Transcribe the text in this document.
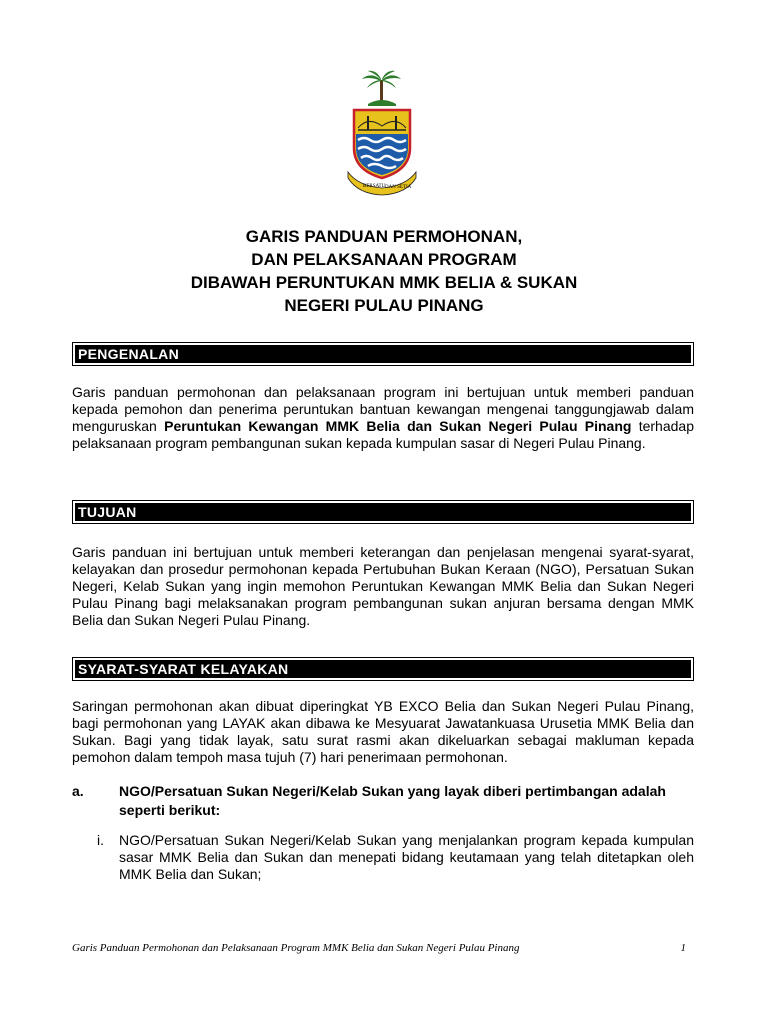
BERSATU DAN SETIA
GARIS PANDUAN PERMOHONAN,
DAN PELAKSANAAN PROGRAM
DIBAWAH PERUNTUKAN MMK BELIA & SUKAN
NEGERI PULAU PINANG
PENGENALAN

Garis panduan permohonan dan pelaksanaan program ini bertujuan untuk memberi panduan kepada pemohon dan penerima peruntukan bantuan kewangan mengenai tanggungjawab dalam menguruskan Peruntukan Kewangan MMK Belia dan Sukan Negeri Pulau Pinang terhadap pelaksanaan program pembangunan sukan kepada kumpulan sasar di Negeri Pulau Pinang.

TUJUAN

Garis panduan ini bertujuan untuk memberi keterangan dan penjelasan mengenai syarat-syarat, kelayakan dan prosedur permohonan kepada Pertubuhan Bukan Keraan (NGO), Persatuan Sukan Negeri, Kelab Sukan yang ingin memohon Peruntukan Kewangan MMK Belia dan Sukan Negeri Pulau Pinang bagi melaksanakan program pembangunan sukan anjuran bersama dengan MMK Belia dan Sukan Negeri Pulau Pinang.

SYARAT-SYARAT KELAYAKAN

Saringan permohonan akan dibuat diperingkat YB EXCO Belia dan Sukan Negeri Pulau Pinang, bagi permohonan yang LAYAK akan dibawa ke Mesyuarat Jawatankuasa Urusetia MMK Belia dan Sukan. Bagi yang tidak layak, satu surat rasmi akan dikeluarkan sebagai makluman kepada pemohon dalam tempoh masa tujuh (7) hari penerimaan permohonan.

a.	NGO/Persatuan Sukan Negeri/Kelab Sukan yang layak diberi pertimbangan adalah seperti berikut:
i. NGO/Persatuan Sukan Negeri/Kelab Sukan yang menjalankan program kepada kumpulan sasar MMK Belia dan Sukan dan menepati bidang keutamaan yang telah ditetapkan oleh MMK Belia dan Sukan;
Garis Panduan Permohonan dan Pelaksanaan Program MMK Belia dan Sukan Negeri Pulau Pinang	1
